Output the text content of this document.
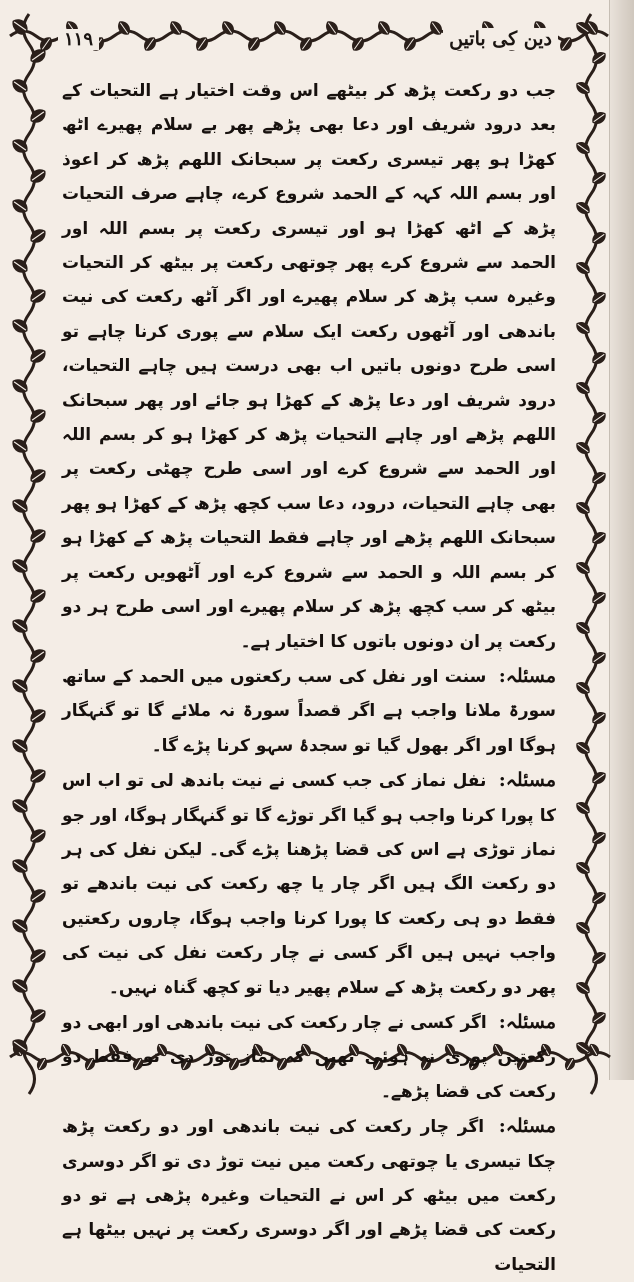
دین کی باتیں
۱۱۹

جب دو رکعت پڑھ کر بیٹھے اس وقت اختیار ہے التحیات کے بعد درود شریف اور دعا بھی پڑھے پھر بے سلام پھیرے اٹھ کھڑا ہو پھر تیسری رکعت پر سبحانک اللھم پڑھ کر اعوذ اور بسم اللہ کہہ کے الحمد شروع کرے، چاہے صرف التحیات پڑھ کے اٹھ کھڑا ہو اور تیسری رکعت پر بسم اللہ اور الحمد سے شروع کرے پھر چوتھی رکعت پر بیٹھ کر التحیات وغیرہ سب پڑھ کر سلام پھیرے اور اگر آٹھ رکعت کی نیت باندھی اور آٹھوں رکعت ایک سلام سے پوری کرنا چاہے تو اسی طرح دونوں باتیں اب بھی درست ہیں چاہے التحیات، درود شریف اور دعا پڑھ کے کھڑا ہو جائے اور پھر سبحانک اللھم پڑھے اور چاہے التحیات پڑھ کر کھڑا ہو کر بسم اللہ اور الحمد سے شروع کرے اور اسی طرح چھٹی رکعت پر بھی چاہے التحیات، درود، دعا سب کچھ پڑھ کے کھڑا ہو پھر سبحانک اللھم پڑھے اور چاہے فقط التحیات پڑھ کے کھڑا ہو کر بسم اللہ و الحمد سے شروع کرے اور آٹھویں رکعت پر بیٹھ کر سب کچھ پڑھ کر سلام پھیرے اور اسی طرح ہر دو رکعت پر ان دونوں باتوں کا اختیار ہے۔

مسئلہ: سنت اور نفل کی سب رکعتوں میں الحمد کے ساتھ سورۃ ملانا واجب ہے اگر قصداً سورۃ نہ ملائے گا تو گنہگار ہوگا اور اگر بھول گیا تو سجدۂ سہو کرنا پڑے گا۔

مسئلہ: نفل نماز کی جب کسی نے نیت باندھ لی تو اب اس کا پورا کرنا واجب ہو گیا اگر توڑے گا تو گنہگار ہوگا، اور جو نماز توڑی ہے اس کی قضا پڑھنا پڑے گی۔ لیکن نفل کی ہر دو رکعت الگ ہیں اگر چار یا چھ رکعت کی نیت باندھے تو فقط دو ہی رکعت کا پورا کرنا واجب ہوگا، چاروں رکعتیں واجب نہیں ہیں اگر کسی نے چار رکعت نفل کی نیت کی پھر دو رکعت پڑھ کے سلام پھیر دیا تو کچھ گناہ نہیں۔

مسئلہ: اگر کسی نے چار رکعت کی نیت باندھی اور ابھی دو رکعتیں پوری نہ ہوئی تھیں کہ نماز توڑ دی تو فقط دو رکعت کی قضا پڑھے۔

مسئلہ: اگر چار رکعت کی نیت باندھی اور دو رکعت پڑھ چکا تیسری یا چوتھی رکعت میں نیت توڑ دی تو اگر دوسری رکعت میں بیٹھ کر اس نے التحیات وغیرہ پڑھی ہے تو دو رکعت کی قضا پڑھے اور اگر دوسری رکعت پر نہیں بیٹھا ہے التحیات
